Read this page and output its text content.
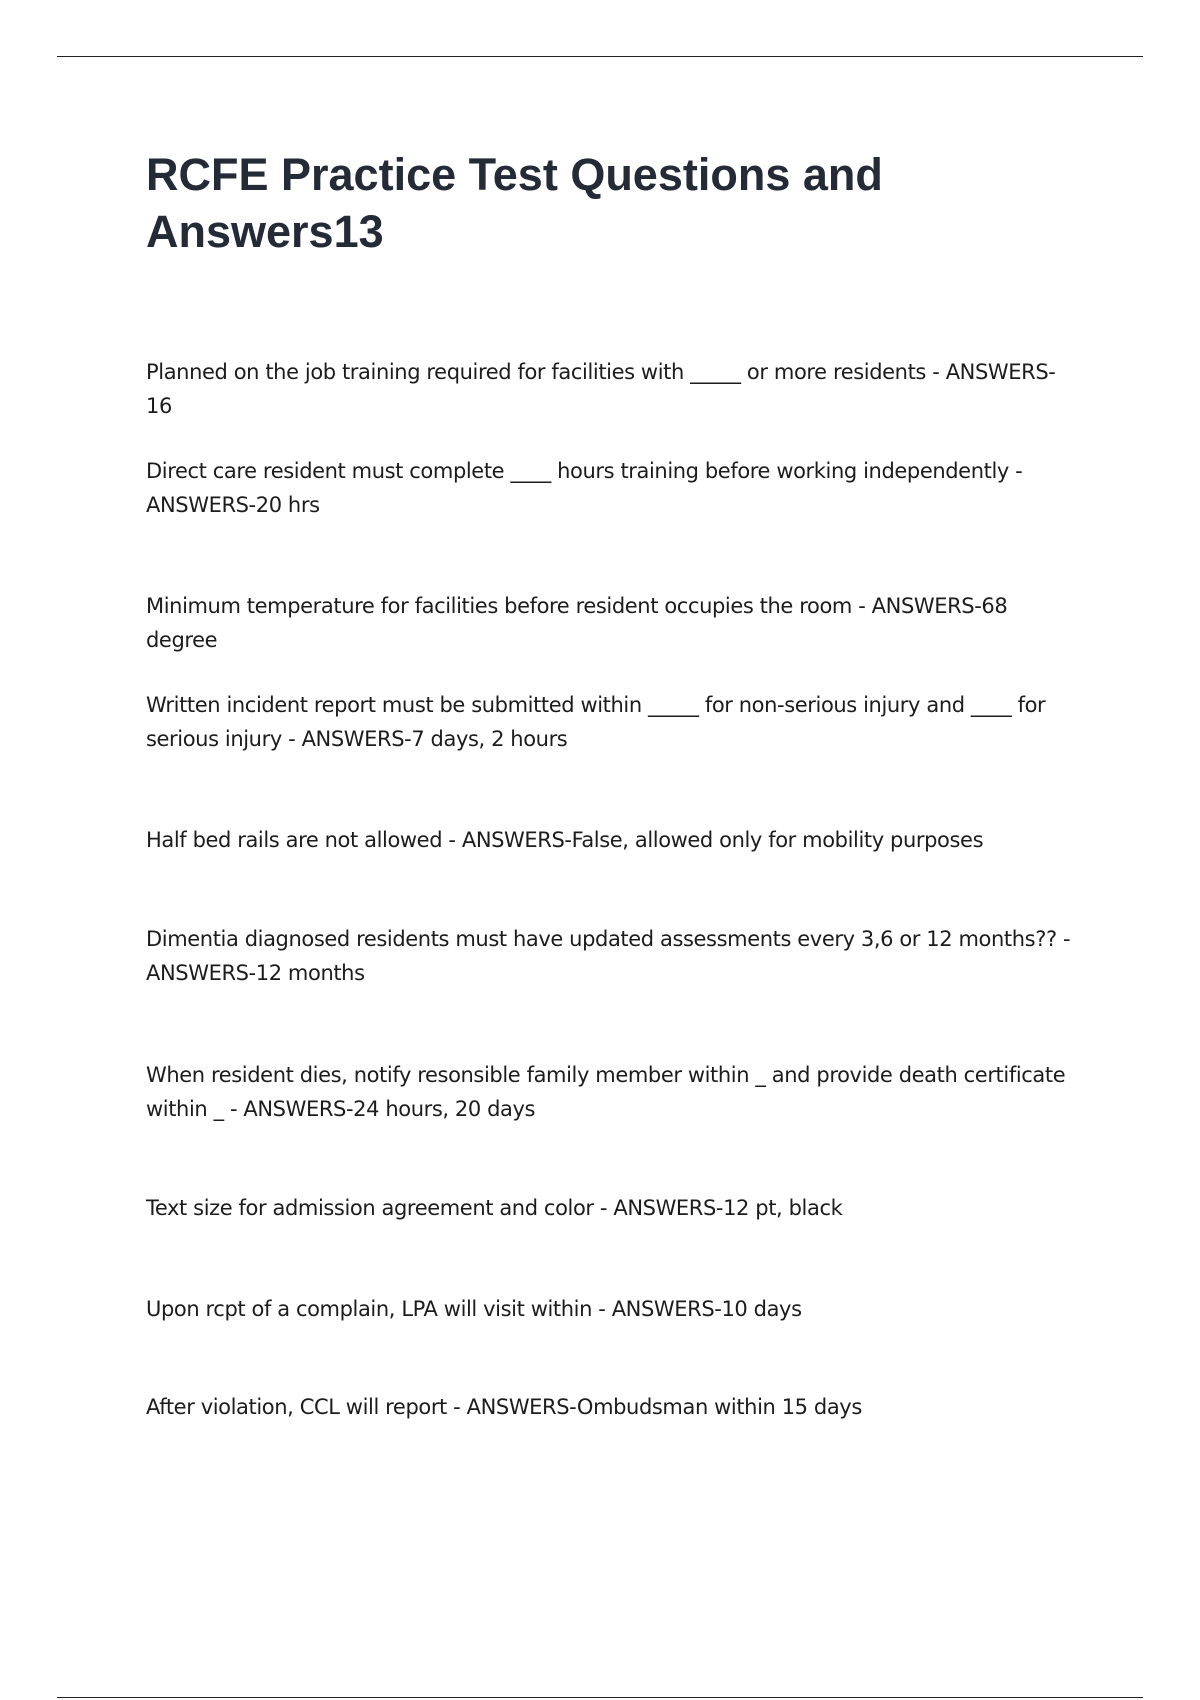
RCFE Practice Test Questions and Answers13

Planned on the job training required for facilities with _____ or more residents - ANSWERS-16

Direct care resident must complete ____ hours training before working independently - ANSWERS-20 hrs

Minimum temperature for facilities before resident occupies the room - ANSWERS-68 degree

Written incident report must be submitted within _____ for non-serious injury and ____ for serious injury - ANSWERS-7 days, 2 hours

Half bed rails are not allowed - ANSWERS-False, allowed only for mobility purposes

Dimentia diagnosed residents must have updated assessments every 3,6 or 12 months?? - ANSWERS-12 months

When resident dies, notify resonsible family member within _ and provide death certificate within _ - ANSWERS-24 hours, 20 days

Text size for admission agreement and color - ANSWERS-12 pt, black

Upon rcpt of a complain, LPA will visit within - ANSWERS-10 days

After violation, CCL will report - ANSWERS-Ombudsman within 15 days
